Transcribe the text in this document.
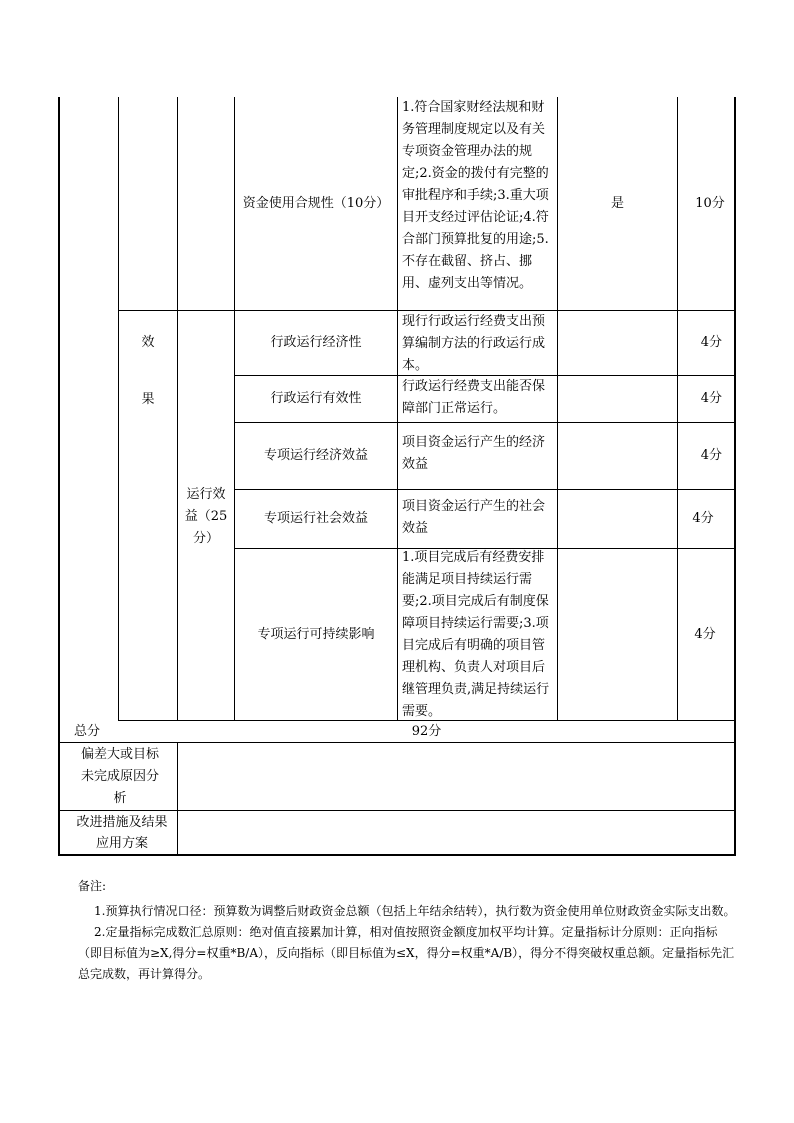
资金使用合规性（10分）
1.符合国家财经法规和财务管理制度规定以及有关专项资金管理办法的规定;2.资金的拨付有完整的审批程序和手续;3.重大项目开支经过评估论证;4.符合部门预算批复的用途;5.不存在截留、挤占、挪用、虚列支出等情况。
是	10分
效
果
运行效益（25分）
行政运行经济性
现行行政运行经费支出预算编制方法的行政运行成本。
4分
行政运行有效性
行政运行经费支出能否保障部门正常运行。
4分
专项运行经济效益
项目资金运行产生的经济效益
4分
专项运行社会效益
项目资金运行产生的社会效益
4分
专项运行可持续影响
1.项目完成后有经费安排能满足项目持续运行需要;2.项目完成后有制度保障项目持续运行需要;3.项目完成后有明确的项目管理机构、负责人对项目后继管理负责,满足持续运行需要。
4分
总分	92分
偏差大或目标未完成原因分析
改进措施及结果应用方案

备注:

1.预算执行情况口径：预算数为调整后财政资金总额（包括上年结余结转），执行数为资金使用单位财政资金实际支出数。

2.定量指标完成数汇总原则：绝对值直接累加计算，相对值按照资金额度加权平均计算。定量指标计分原则：正向指标（即目标值为≥X,得分=权重*B/A），反向指标（即目标值为≤X，得分=权重*A/B），得分不得突破权重总额。定量指标先汇总完成数，再计算得分。
